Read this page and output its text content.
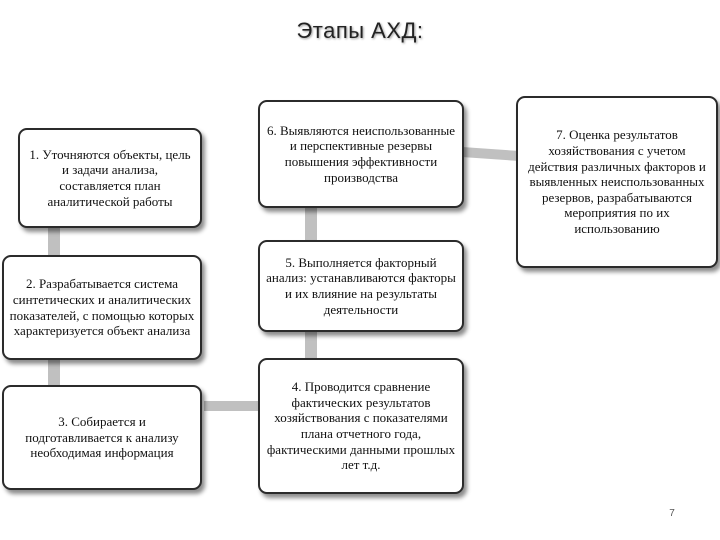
Этапы АХД:
1. Уточняются объекты, цель и задачи анализа, составляется план аналитической работы
2. Разрабатывается система синтетических и аналитических показателей, с помощью которых характеризуется объект анализа
3. Собирается и подготавливается к анализу необходимая информация
4. Проводится сравнение фактических результатов хозяйствования с показателями плана отчетного года, фактическими данными прошлых лет т.д.
5. Выполняется факторный анализ: устанавливаются факторы и их влияние на результаты деятельности
6. Выявляются неиспользованные и перспективные резервы повышения эффективности производства
7. Оценка результатов хозяйствования с учетом действия различных факторов и выявленных неиспользованных резервов, разрабатываются мероприятия по их использованию
7
